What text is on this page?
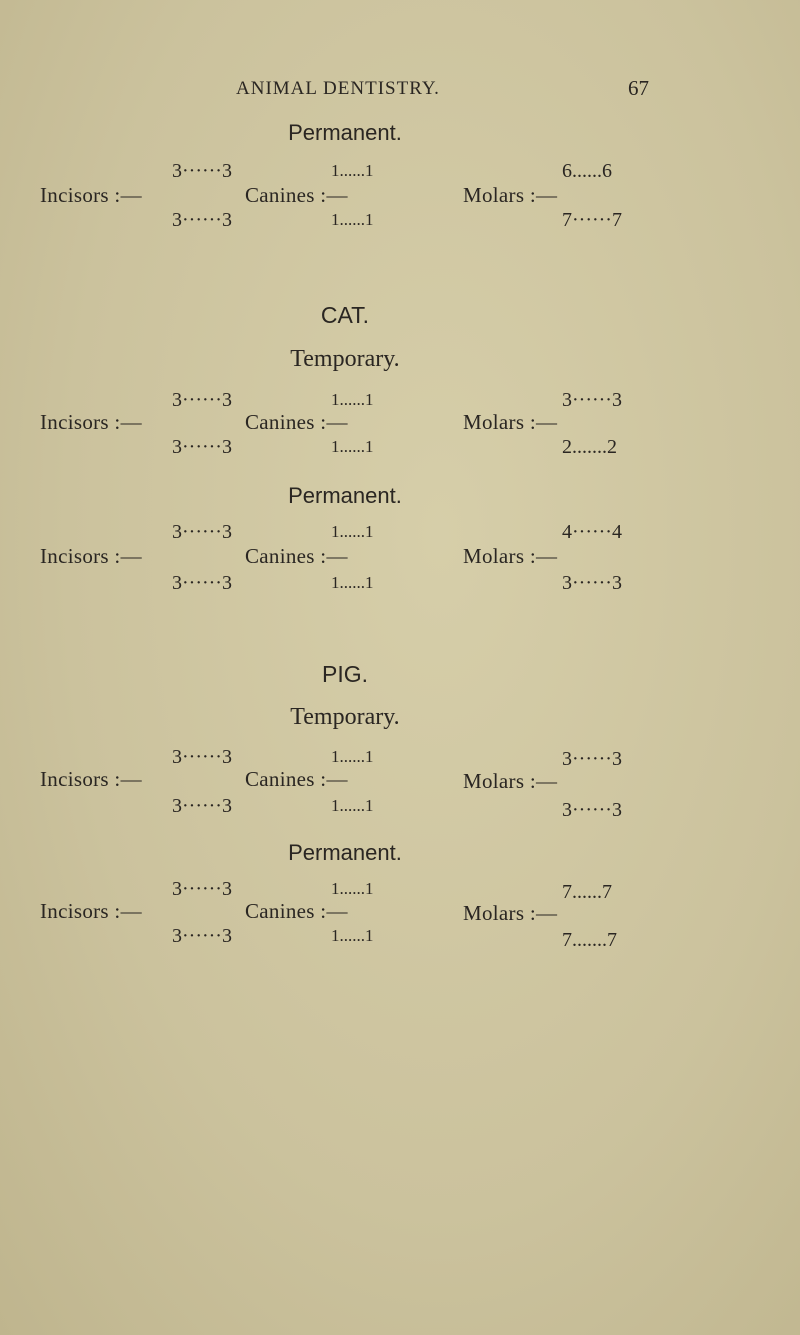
ANIMAL DENTISTRY.	67
Permanent.
3······3
Incisors :—
3······3
1......1
Canines :—
1......1
6......6
Molars :—
7······7
CAT.
Temporary.
3······3
Incisors :—
3······3
1......1
Canines :—
1......1
3······3
Molars :—
2.......2
Permanent.
3······3
Incisors :—
3······3
1......1
Canines :—
1......1
4······4
Molars :—
3······3
PIG.
Temporary.
3······3
Incisors :—
3······3
1......1
Canines :—
1......1
3······3
Molars :—
3······3
Permanent.
3······3
Incisors :—
3······3
1......1
Canines :—
1......1
7......7
Molars :—
7.......7
